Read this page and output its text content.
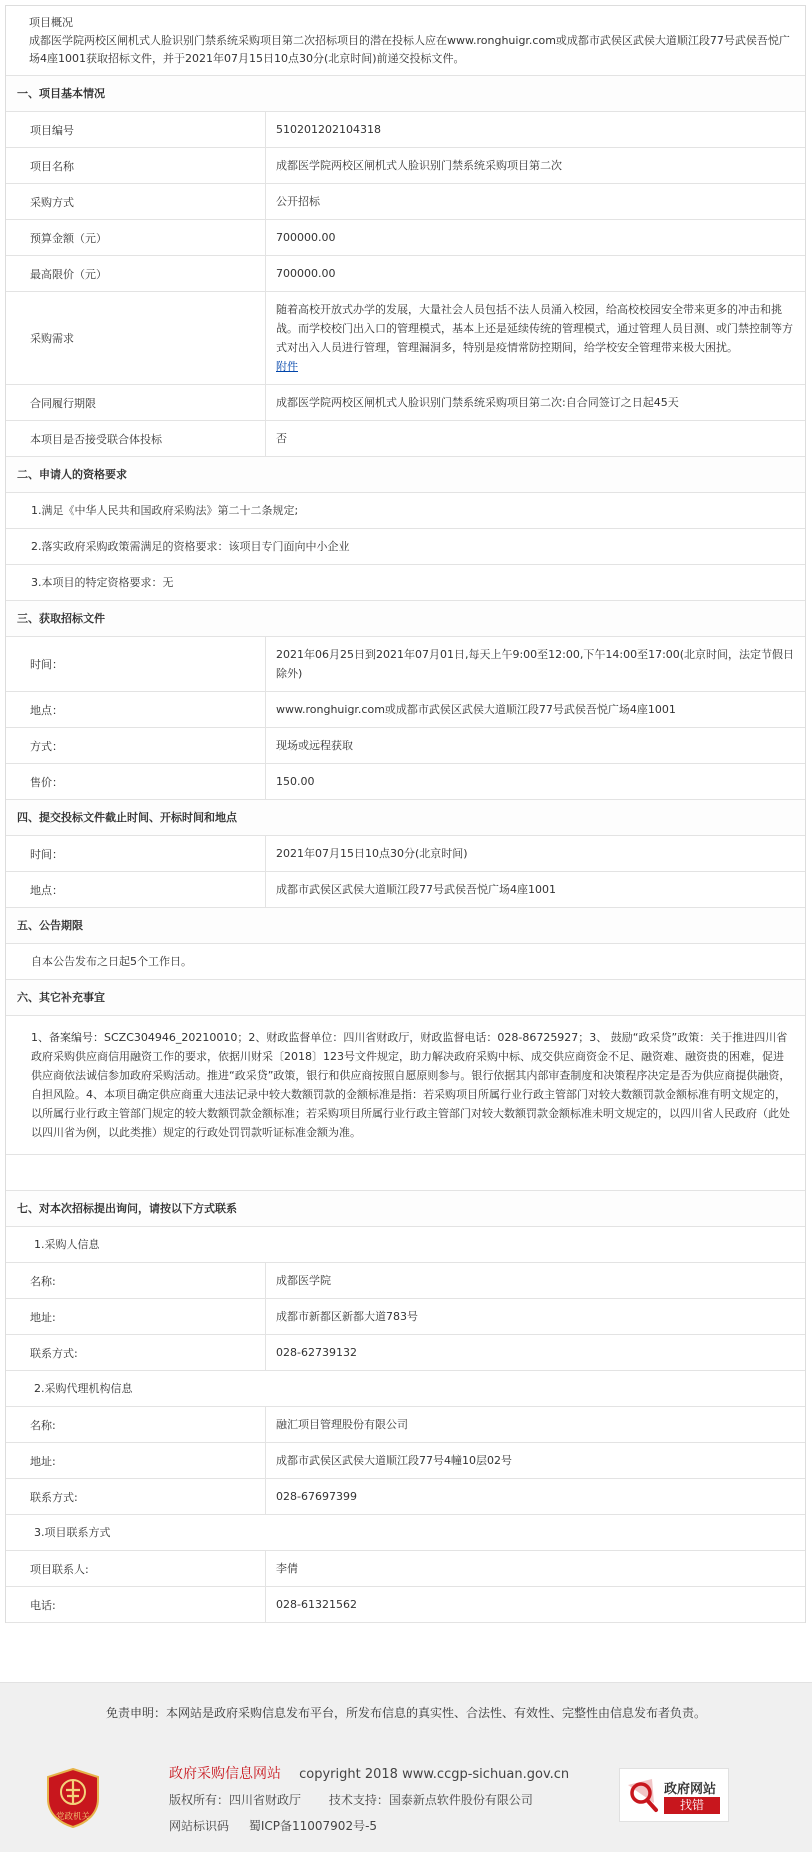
项目概况
成都医学院两校区闸机式人脸识别门禁系统采购项目第二次招标项目的潜在投标人应在www.ronghuigr.com或成都市武侯区武侯大道顺江段77号武侯吾悦广场4座1001获取招标文件，并于2021年07月15日10点30分(北京时间)前递交投标文件。
一、项目基本情况
项目编号	510201202104318
项目名称	成都医学院两校区闸机式人脸识别门禁系统采购项目第二次
采购方式	公开招标
预算金额（元）	700000.00
最高限价（元）	700000.00
采购需求
随着高校开放式办学的发展，大量社会人员包括不法人员涌入校园，给高校校园安全带来更多的冲击和挑战。而学校校门出入口的管理模式，基本上还是延续传统的管理模式，通过管理人员目测、或门禁控制等方式对出入人员进行管理，管理漏洞多，特别是疫情常防控期间，给学校安全管理带来极大困扰。
附件
合同履行期限	成都医学院两校区闸机式人脸识别门禁系统采购项目第二次:自合同签订之日起45天
本项目是否接受联合体投标	否
二、申请人的资格要求
1.满足《中华人民共和国政府采购法》第二十二条规定;
2.落实政府采购政策需满足的资格要求：该项目专门面向中小企业
3.本项目的特定资格要求：无
三、获取招标文件
时间：
2021年06月25日到2021年07月01日,每天上午9:00至12:00,下午14:00至17:00(北京时间，法定节假日除外)
地点：	www.ronghuigr.com或成都市武侯区武侯大道顺江段77号武侯吾悦广场4座1001
方式：	现场或远程获取
售价：	150.00
四、提交投标文件截止时间、开标时间和地点
时间：	2021年07月15日10点30分(北京时间)
地点：	成都市武侯区武侯大道顺江段77号武侯吾悦广场4座1001
五、公告期限
自本公告发布之日起5个工作日。
六、其它补充事宜
1、备案编号：SCZC304946_20210010；2、财政监督单位：四川省财政厅，财政监督电话：028-86725927；3、 鼓励“政采贷”政策：关于推进四川省政府采购供应商信用融资工作的要求，依据川财采〔2018〕123号文件规定，助力解决政府采购中标、成交供应商资金不足、融资难、融资贵的困难，促进供应商依法诚信参加政府采购活动。推进“政采贷”政策，银行和供应商按照自愿原则参与。银行依据其内部审查制度和决策程序决定是否为供应商提供融资，自担风险。4、本项目确定供应商重大违法记录中较大数额罚款的金额标准是指：若采购项目所属行业行政主管部门对较大数额罚款金额标准有明文规定的，以所属行业行政主管部门规定的较大数额罚款金额标准；若采购项目所属行业行政主管部门对较大数额罚款金额标准未明文规定的，以四川省人民政府（此处以四川省为例，以此类推）规定的行政处罚罚款听证标准金额为准。
七、对本次招标提出询问，请按以下方式联系
1.采购人信息
名称:	成都医学院
地址:	成都市新都区新都大道783号
联系方式:	028-62739132
2.采购代理机构信息
名称:	融汇项目管理股份有限公司
地址:	成都市武侯区武侯大道顺江段77号4幢10层02号
联系方式:	028-67697399
3.项目联系方式
项目联系人:	李倩
电话:	028-61321562
免责申明：本网站是政府采购信息发布平台，所发布信息的真实性、合法性、有效性、完整性由信息发布者负责。
党政机关
政府采购信息网站 copyright 2018 www.ccgp-sichuan.gov.cn
版权所有：四川省财政厅 技术支持：国泰新点软件股份有限公司
网站标识码 蜀ICP备11007902号-5
政府网站
找错
